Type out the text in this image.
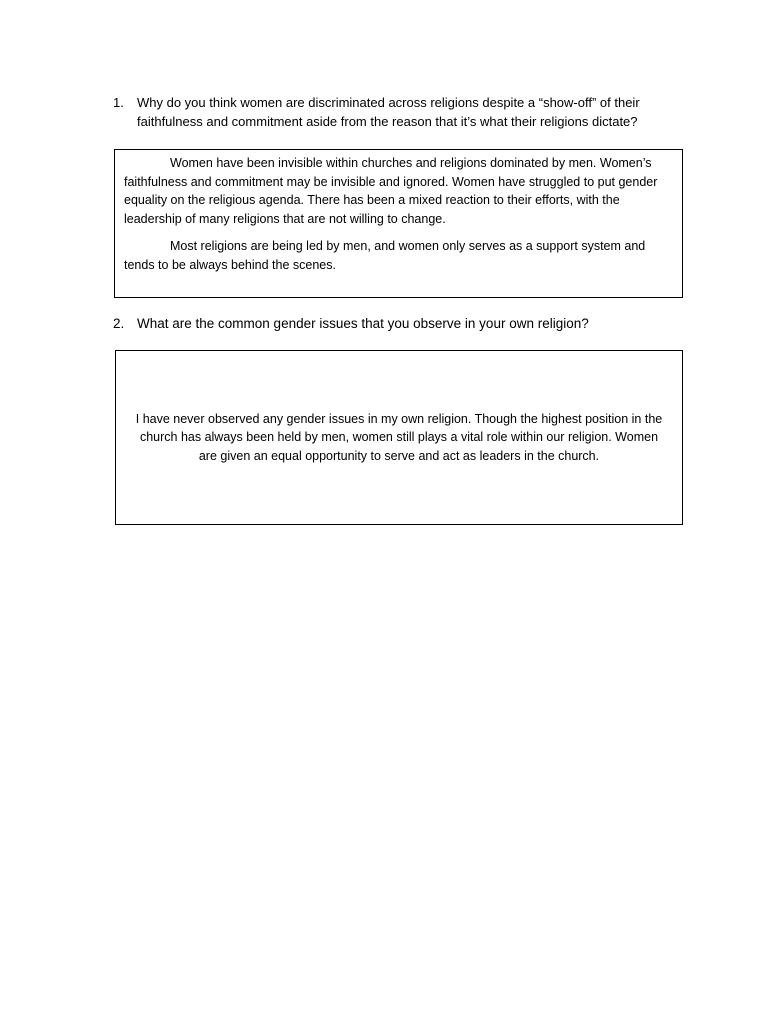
1.	Why do you think women are discriminated across religions despite a “show-off” of their faithfulness and commitment aside from the reason that it’s what their religions dictate?

Women have been invisible within churches and religions dominated by men. Women’s faithfulness and commitment may be invisible and ignored. Women have struggled to put gender equality on the religious agenda. There has been a mixed reaction to their efforts, with the leadership of many religions that are not willing to change.

Most religions are being led by men, and women only serves as a support system and tends to be always behind the scenes.

2. What are the common gender issues that you observe in your own religion?

I have never observed any gender issues in my own religion. Though the highest position in the church has always been held by men, women still plays a vital role within our religion. Women are given an equal opportunity to serve and act as leaders in the church.
